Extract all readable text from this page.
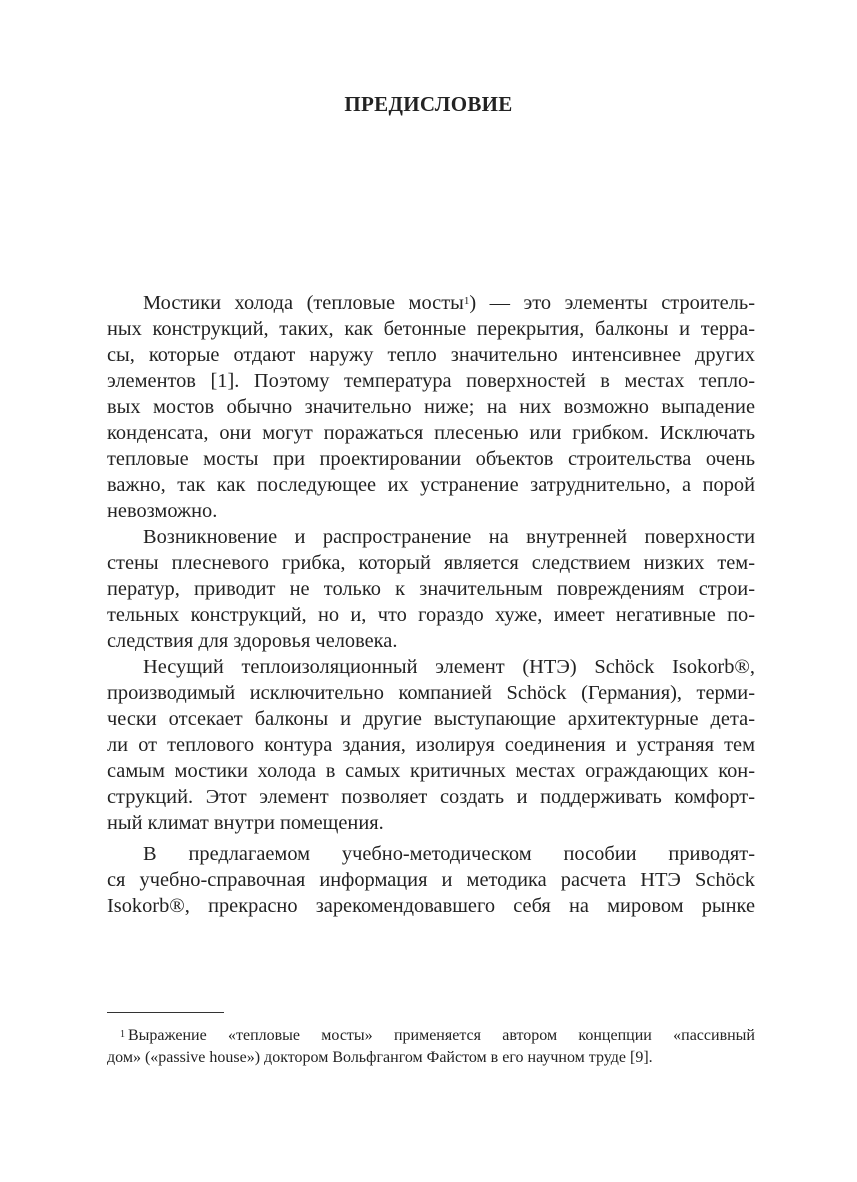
ПРЕДИСЛОВИЕ
Мостики холода (тепловые мосты$^1$) — это элементы строитель-
ных конструкций, таких, как бетонные перекрытия, балконы и терра-
сы, которые отдают наружу тепло значительно интенсивнее других
элементов [1]. Поэтому температура поверхностей в местах тепло-
вых мостов обычно значительно ниже; на них возможно выпадение
конденсата, они могут поражаться плесенью или грибком. Исключать
тепловые мосты при проектировании объектов строительства очень
важно, так как последующее их устранение затруднительно, а порой
невозможно.
Возникновение и распространение на внутренней поверхности
стены плесневого грибка, который является следствием низких тем-
ператур, приводит не только к значительным повреждениям строи-
тельных конструкций, но и, что гораздо хуже, имеет негативные по-
следствия для здоровья человека.
Несущий теплоизоляционный элемент (НТЭ) Schöck Isokorb®,
производимый исключительно компанией Schöck (Германия), терми-
чески отсекает балконы и другие выступающие архитектурные дета-
ли от теплового контура здания, изолируя соединения и устраняя тем
самым мостики холода в самых критичных местах ограждающих кон-
струкций. Этот элемент позволяет создать и поддерживать комфорт-
ный климат внутри помещения.
В предлагаемом учебно-методическом пособии приводят-
ся учебно-справочная информация и методика расчета НТЭ Schöck
Isokorb®, прекрасно зарекомендовавшего себя на мировом рынке
$^1$ Выражение «тепловые мосты» применяется автором концепции «пассивный
дом» («passive house») доктором Вольфгангом Файстом в его научном труде [9].
